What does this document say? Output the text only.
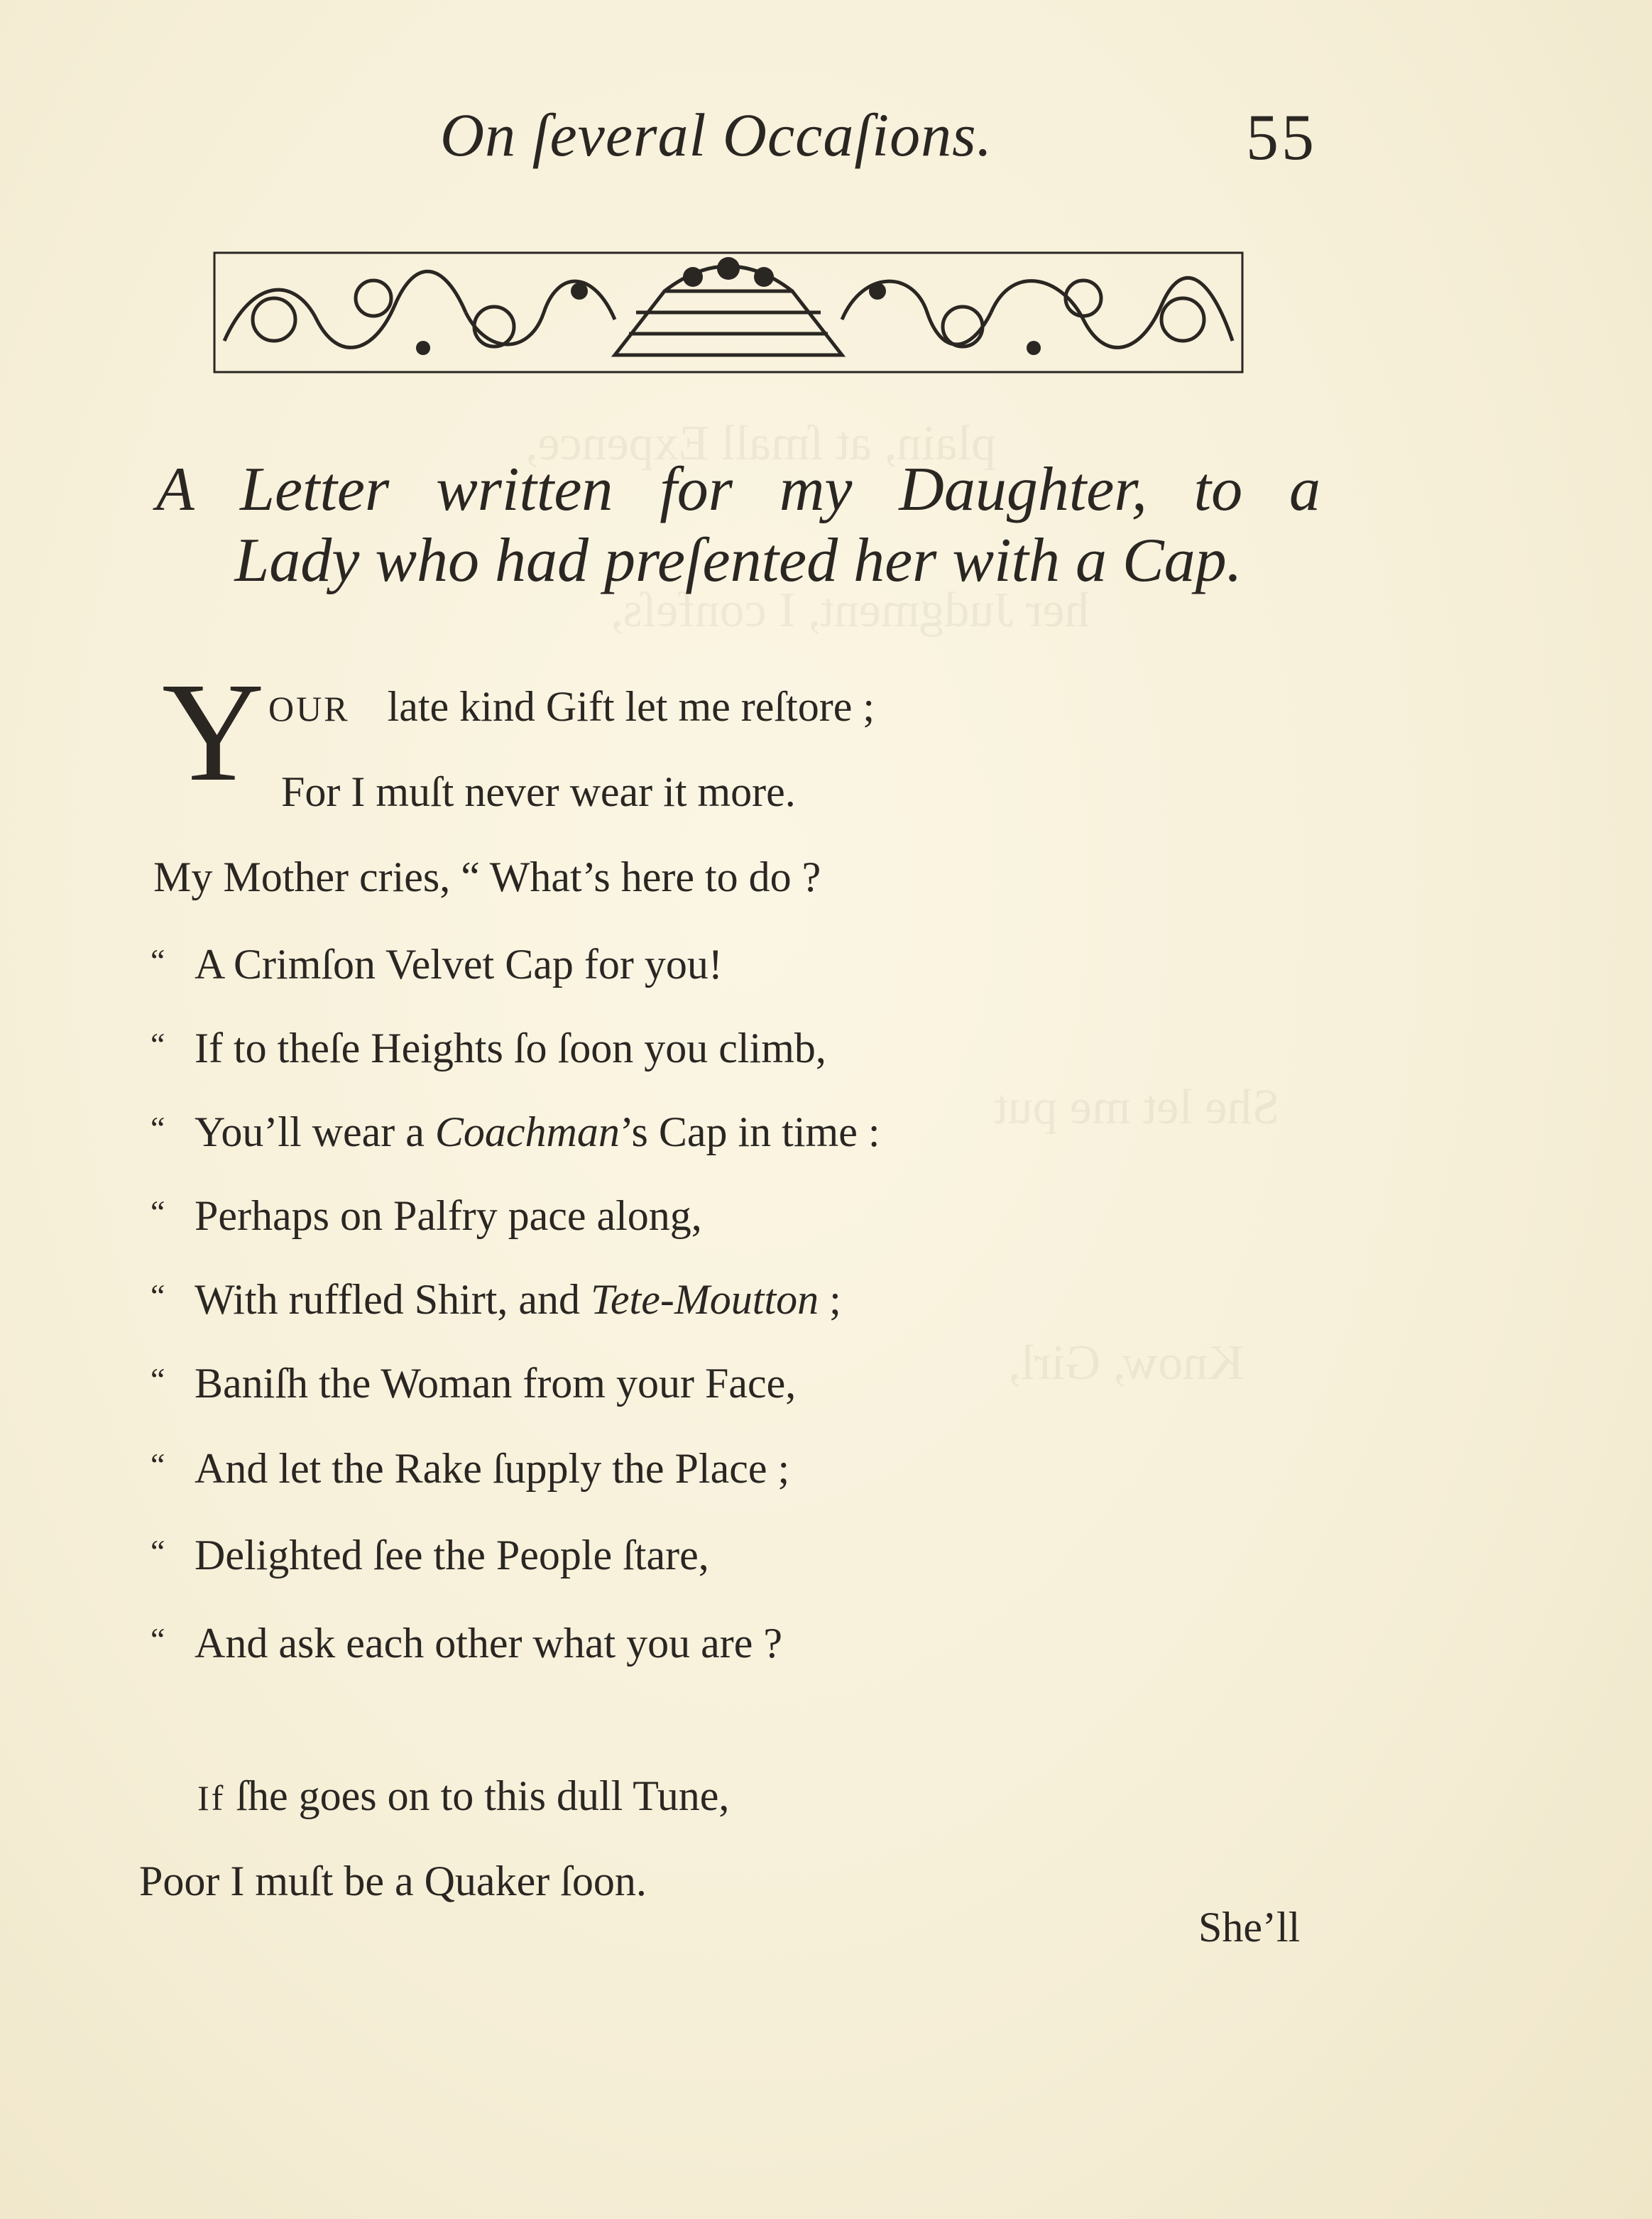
plain, at ſmall Expence,
her Judgment, I confeſs,
She let me put
Know, Girl,
On ſeveral Occaſions.	55
A Letter written for my Daughter, to a
Lady who had preſented her with a Cap.
Y OUR late kind Gift let me reſtore ;
For I muſt never wear it more.
My Mother cries, “ What’s here to do ?
“ A Crimſon Velvet Cap for you!
“ If to theſe Heights ſo ſoon you climb,
“ You’ll wear a Coachman’s Cap in time :
“ Perhaps on Palfry pace along,
“ With ruffled Shirt, and Tete-Moutton ;
“ Baniſh the Woman from your Face,
“ And let the Rake ſupply the Place ;
“ Delighted ſee the People ſtare,
“ And ask each other what you are ?
If ſhe goes on to this dull Tune,
Poor I muſt be a Quaker ſoon.
She’ll
